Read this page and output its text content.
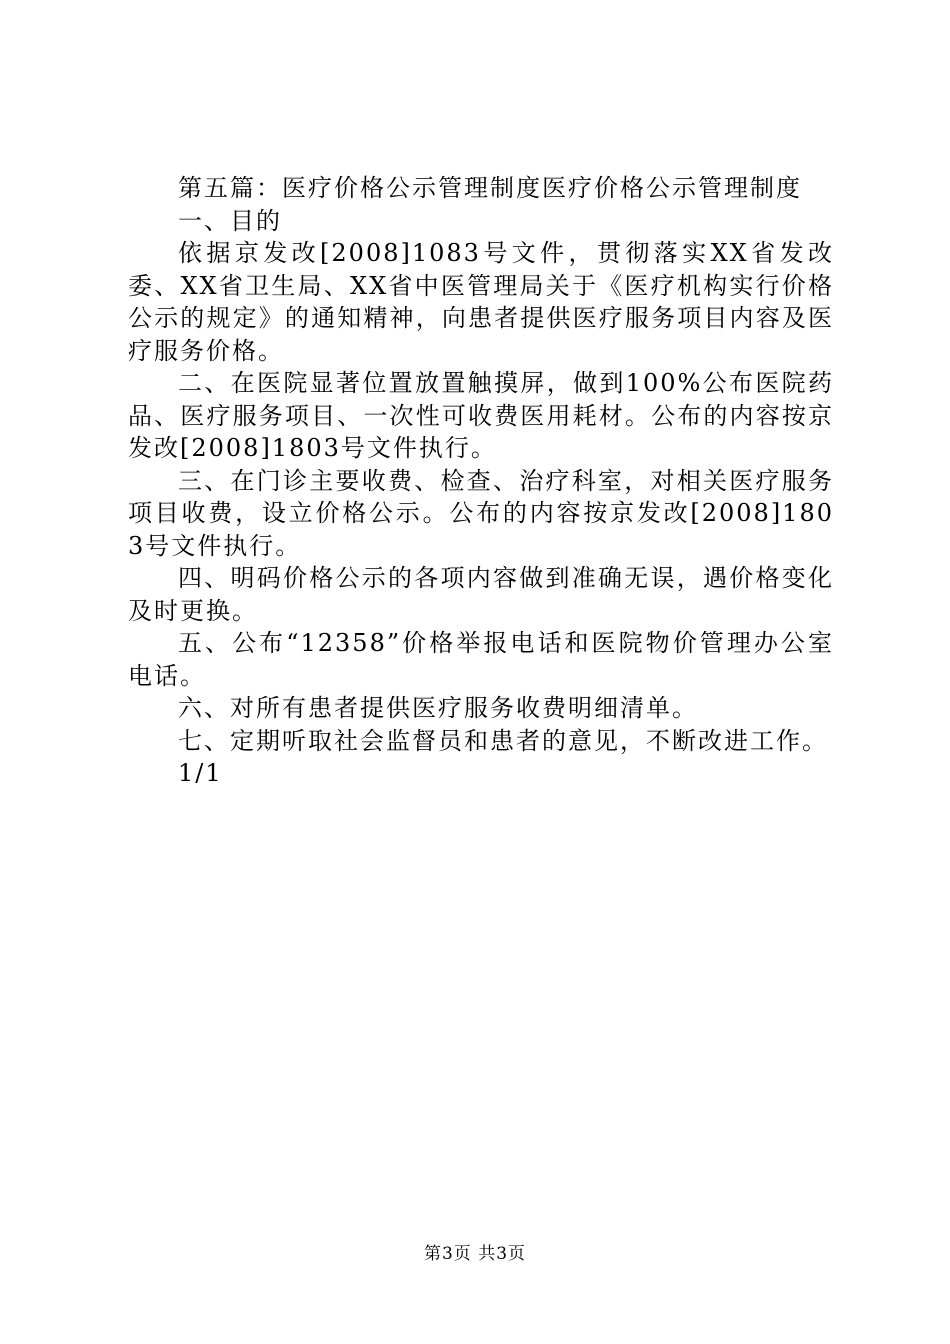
第五篇：医疗价格公示管理制度医疗价格公示管理制度

一、目的

依据京发改[2008]1083号文件，贯彻落实XX省发改委、XX省卫生局、XX省中医管理局关于《医疗机构实行价格公示的规定》的通知精神，向患者提供医疗服务项目内容及医疗服务价格。

二、在医院显著位置放置触摸屏，做到100%公布医院药品、医疗服务项目、一次性可收费医用耗材。公布的内容按京发改[2008]1803号文件执行。

三、在门诊主要收费、检查、治疗科室，对相关医疗服务项目收费，设立价格公示。公布的内容按京发改[2008]1803号文件执行。

四、明码价格公示的各项内容做到准确无误，遇价格变化及时更换。

五、公布“12358”价格举报电话和医院物价管理办公室电话。

六、对所有患者提供医疗服务收费明细清单。

七、定期听取社会监督员和患者的意见，不断改进工作。

1/1

第3页 共3页
